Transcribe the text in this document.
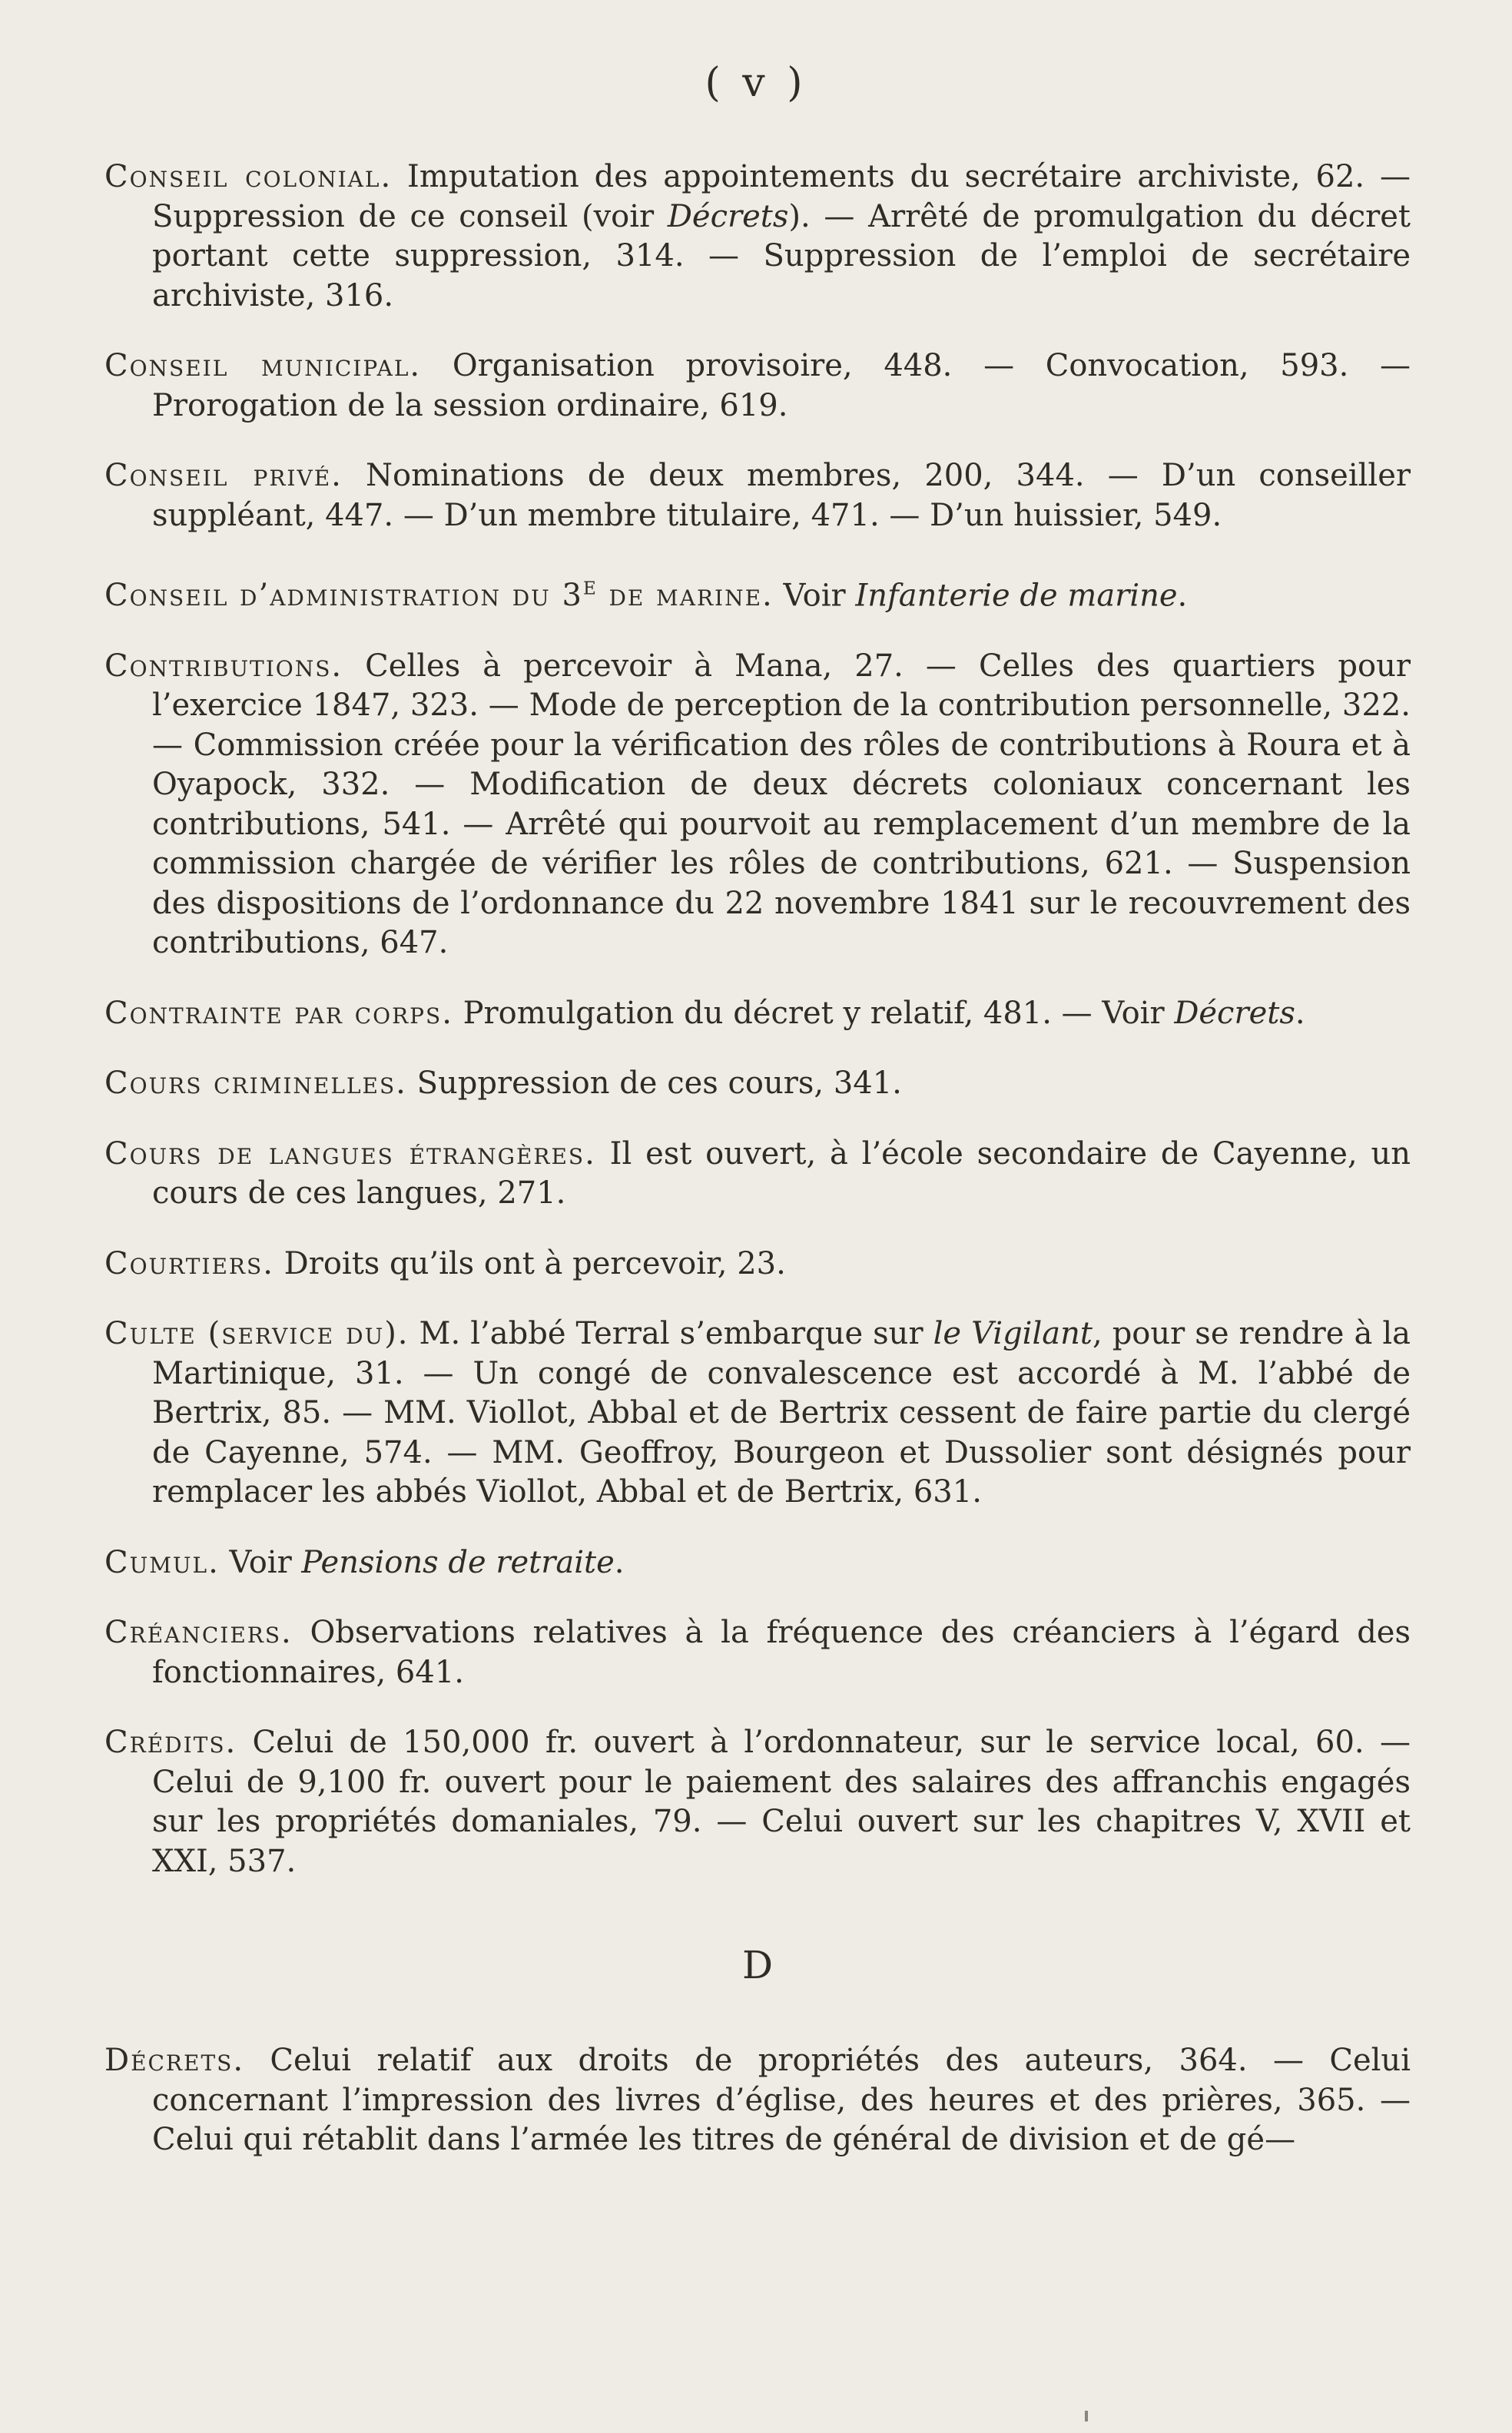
( v )

Conseil colonial. Imputation des appointements du secrétaire archiviste, 62. — Suppression de ce conseil (voir Décrets). — Arrêté de promulgation du décret portant cette suppression, 314. — Suppression de l’emploi de secrétaire archiviste, 316.

Conseil municipal. Organisation provisoire, 448. — Convocation, 593. — Prorogation de la session ordinaire, 619.

Conseil privé. Nominations de deux membres, 200, 344. — D’un conseiller suppléant, 447. — D’un membre titulaire, 471. — D’un huissier, 549.

Conseil d’administration du 3e de marine. Voir Infanterie de marine.

Contributions. Celles à percevoir à Mana, 27. — Celles des quartiers pour l’exercice 1847, 323. — Mode de perception de la contribution personnelle, 322. — Commission créée pour la vérification des rôles de contributions à Roura et à Oyapock, 332. — Modification de deux décrets coloniaux concernant les contributions, 541. — Arrêté qui pourvoit au remplacement d’un membre de la commission chargée de vérifier les rôles de contributions, 621. — Suspension des dispositions de l’ordonnance du 22 novembre 1841 sur le recouvrement des contributions, 647.

Contrainte par corps. Promulgation du décret y relatif, 481. — Voir Décrets.

Cours criminelles. Suppression de ces cours, 341.

Cours de langues étrangères. Il est ouvert, à l’école secondaire de Cayenne, un cours de ces langues, 271.

Courtiers. Droits qu’ils ont à percevoir, 23.

Culte (service du). M. l’abbé Terral s’embarque sur le Vigilant, pour se rendre à la Martinique, 31. — Un congé de convalescence est accordé à M. l’abbé de Bertrix, 85. — MM. Viollot, Abbal et de Bertrix cessent de faire partie du clergé de Cayenne, 574. — MM. Geoffroy, Bourgeon et Dussolier sont désignés pour remplacer les abbés Viollot, Abbal et de Bertrix, 631.

Cumul. Voir Pensions de retraite.

Créanciers. Observations relatives à la fréquence des créanciers à l’égard des fonctionnaires, 641.

Crédits. Celui de 150,000 fr. ouvert à l’ordonnateur, sur le service local, 60. — Celui de 9,100 fr. ouvert pour le paiement des salaires des affranchis engagés sur les propriétés domaniales, 79. — Celui ouvert sur les chapitres V, XVII et XXI, 537.

D

Décrets. Celui relatif aux droits de propriétés des auteurs, 364. — Celui concernant l’impression des livres d’église, des heures et des prières, 365. — Celui qui rétablit dans l’armée les titres de général de division et de gé—
